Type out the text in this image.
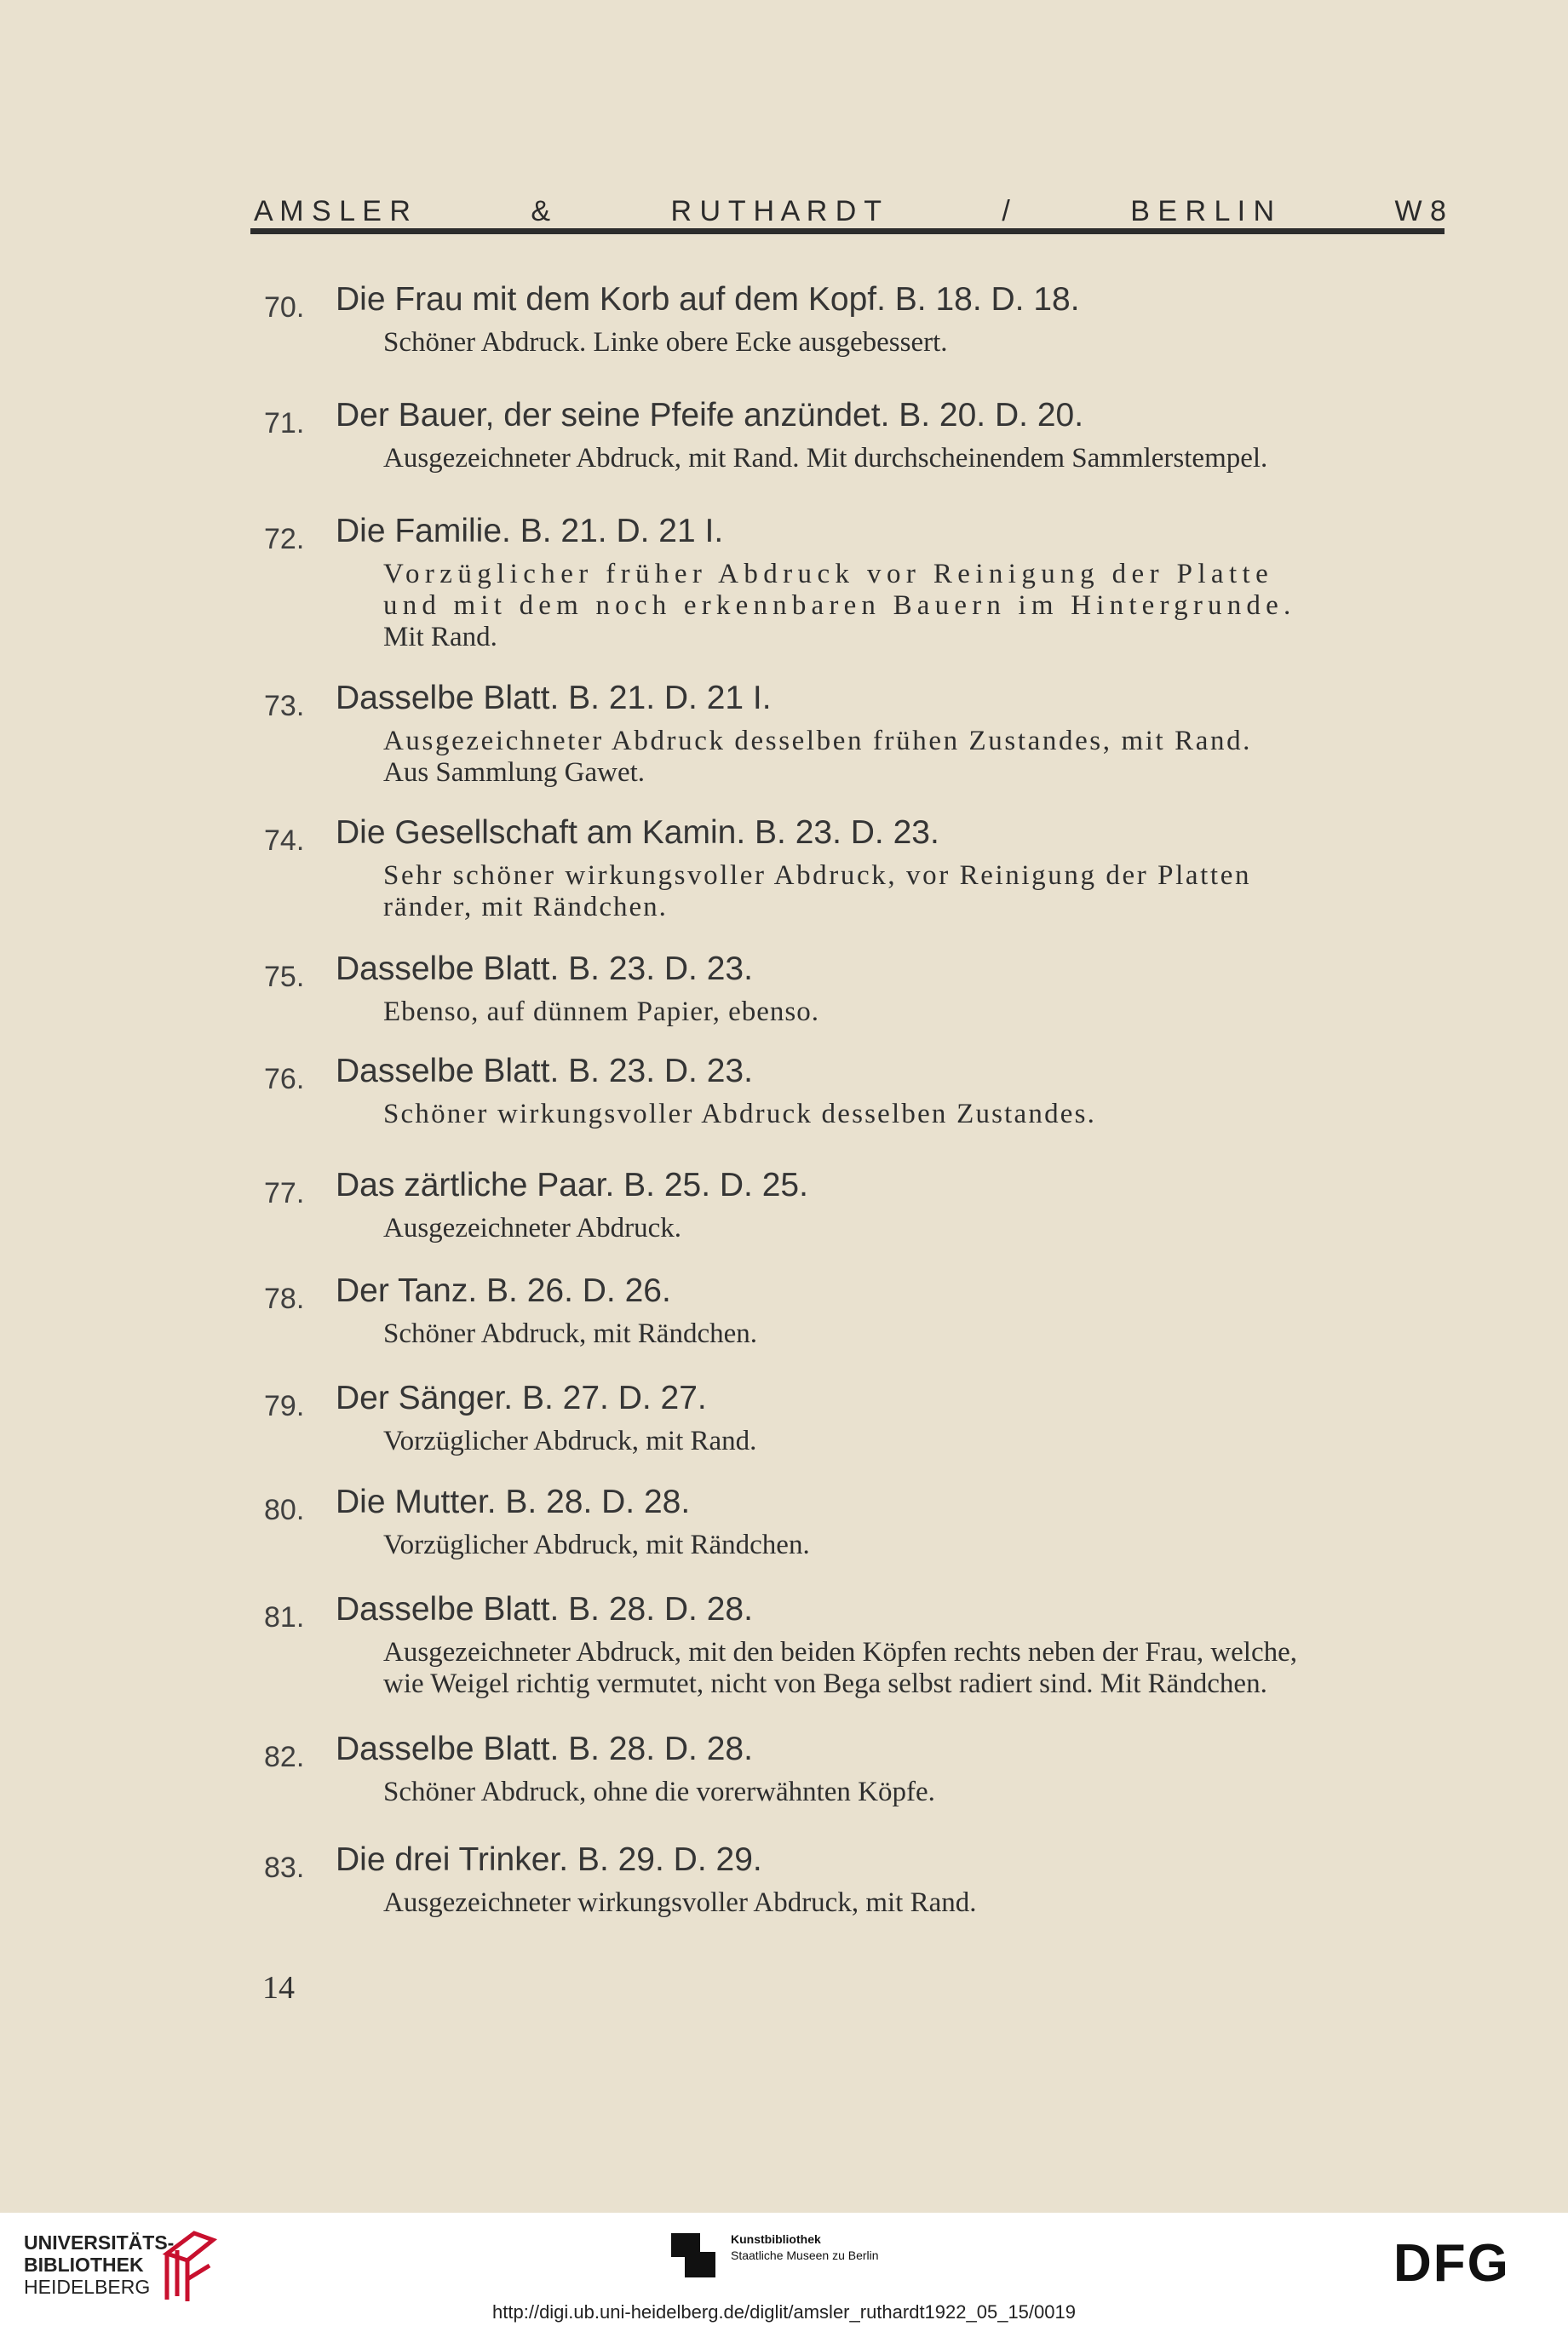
A M S L E R	&	R U T H A R D T	/	B E R L I N	W 8
70. Die Frau mit dem Korb auf dem Kopf. B. 18. D. 18.
Schöner Abdruck. Linke obere Ecke ausgebessert.
71. Der Bauer, der seine Pfeife anzündet. B. 20. D. 20.
Ausgezeichneter Abdruck, mit Rand. Mit durchscheinendem Sammlerstempel.
72. Die Familie. B. 21. D. 21 I.
Vorzüglicher früher Abdruck vor Reinigung der Platte
und mit dem noch erkennbaren Bauern im Hintergrunde.
Mit Rand.
73. Dasselbe Blatt. B. 21. D. 21 I.
Ausgezeichneter Abdruck desselben frühen Zustandes, mit Rand.
Aus Sammlung Gawet.
74. Die Gesellschaft am Kamin. B. 23. D. 23.
Sehr schöner wirkungsvoller Abdruck, vor Reinigung der Platten
ränder, mit Rändchen.
75. Dasselbe Blatt. B. 23. D. 23.
Ebenso, auf dünnem Papier, ebenso.
76. Dasselbe Blatt. B. 23. D. 23.
Schöner wirkungsvoller Abdruck desselben Zustandes.
77. Das zärtliche Paar. B. 25. D. 25.
Ausgezeichneter Abdruck.
78. Der Tanz. B. 26. D. 26.
Schöner Abdruck, mit Rändchen.
79. Der Sänger. B. 27. D. 27.
Vorzüglicher Abdruck, mit Rand.
80. Die Mutter. B. 28. D. 28.
Vorzüglicher Abdruck, mit Rändchen.
81. Dasselbe Blatt. B. 28. D. 28.
Ausgezeichneter Abdruck, mit den beiden Köpfen rechts neben der Frau, welche,
wie Weigel richtig vermutet, nicht von Bega selbst radiert sind. Mit Rändchen.
82. Dasselbe Blatt. B. 28. D. 28.
Schöner Abdruck, ohne die vorerwähnten Köpfe.
83. Die drei Trinker. B. 29. D. 29.
Ausgezeichneter wirkungsvoller Abdruck, mit Rand.
14
UNIVERSITÄTS-
BIBLIOTHEK
HEIDELBERG
Kunstbibliothek
Staatliche Museen zu Berlin	DFG
http://digi.ub.uni-heidelberg.de/diglit/amsler_ruthardt1922_05_15/0019
